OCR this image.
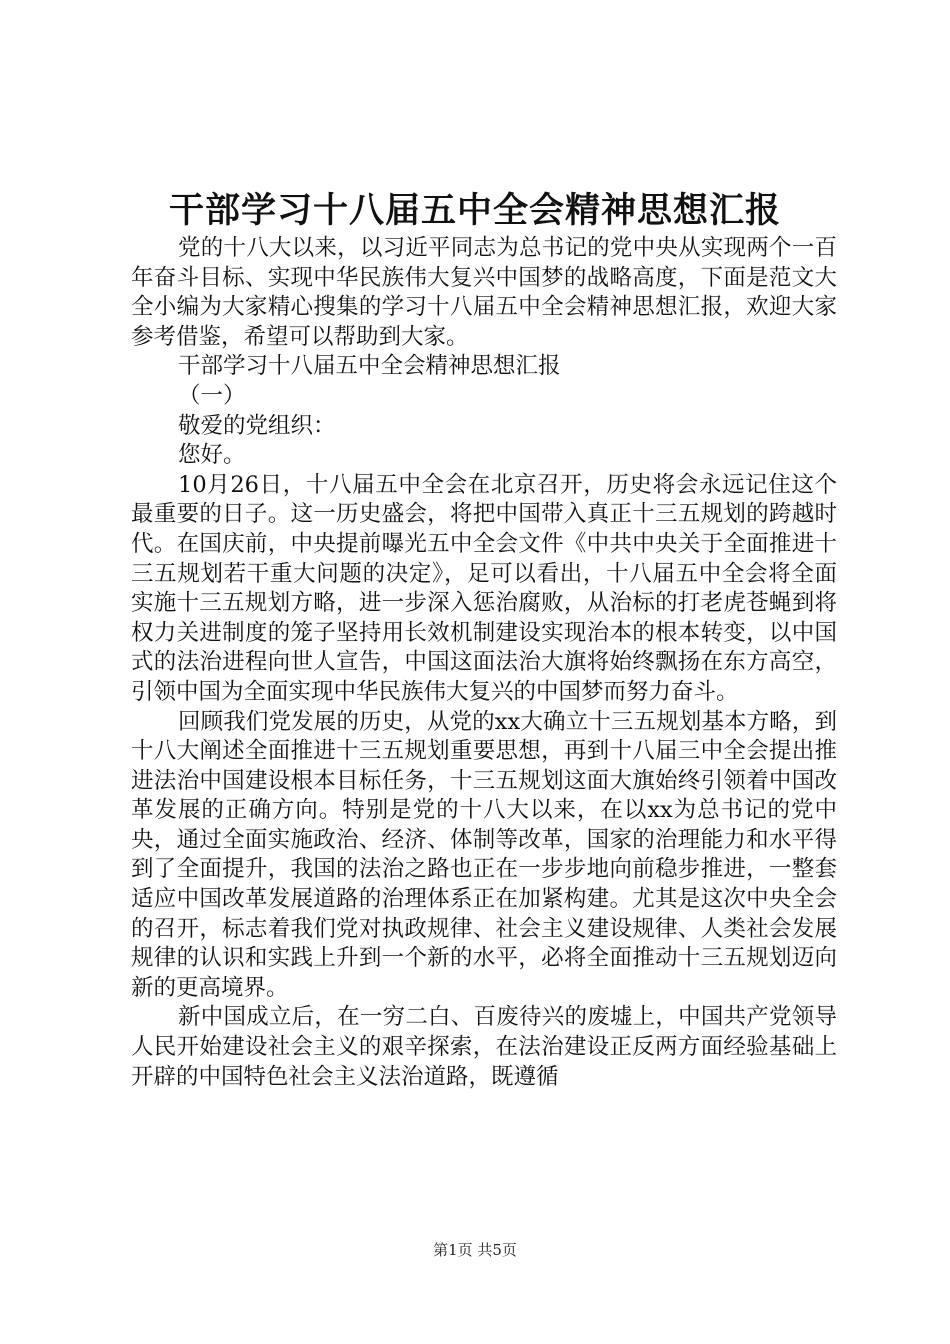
干部学习十八届五中全会精神思想汇报

党的十八大以来，以习近平同志为总书记的党中央从实现两个一百年奋斗目标、实现中华民族伟大复兴中国梦的战略高度，下面是范文大全小编为大家精心搜集的学习十八届五中全会精神思想汇报，欢迎大家参考借鉴，希望可以帮助到大家。

干部学习十八届五中全会精神思想汇报

（一）

敬爱的党组织：

您好。

10月26日，十八届五中全会在北京召开，历史将会永远记住这个最重要的日子。这一历史盛会，将把中国带入真正十三五规划的跨越时代。在国庆前，中央提前曝光五中全会文件《中共中央关于全面推进十三五规划若干重大问题的决定》，足可以看出，十八届五中全会将全面实施十三五规划方略，进一步深入惩治腐败，从治标的打老虎苍蝇到将权力关进制度的笼子坚持用长效机制建设实现治本的根本转变，以中国式的法治进程向世人宣告，中国这面法治大旗将始终飘扬在东方高空，引领中国为全面实现中华民族伟大复兴的中国梦而努力奋斗。

回顾我们党发展的历史，从党的xx大确立十三五规划基本方略，到十八大阐述全面推进十三五规划重要思想，再到十八届三中全会提出推进法治中国建设根本目标任务，十三五规划这面大旗始终引领着中国改革发展的正确方向。特别是党的十八大以来，在以xx为总书记的党中央，通过全面实施政治、经济、体制等改革，国家的治理能力和水平得到了全面提升，我国的法治之路也正在一步步地向前稳步推进，一整套适应中国改革发展道路的治理体系正在加紧构建。尤其是这次中央全会的召开，标志着我们党对执政规律、社会主义建设规律、人类社会发展规律的认识和实践上升到一个新的水平，必将全面推动十三五规划迈向新的更高境界。

新中国成立后，在一穷二白、百废待兴的废墟上，中国共产党领导人民开始建设社会主义的艰辛探索，在法治建设正反两方面经验基础上开辟的中国特色社会主义法治道路，既遵循

第1页 共5页
